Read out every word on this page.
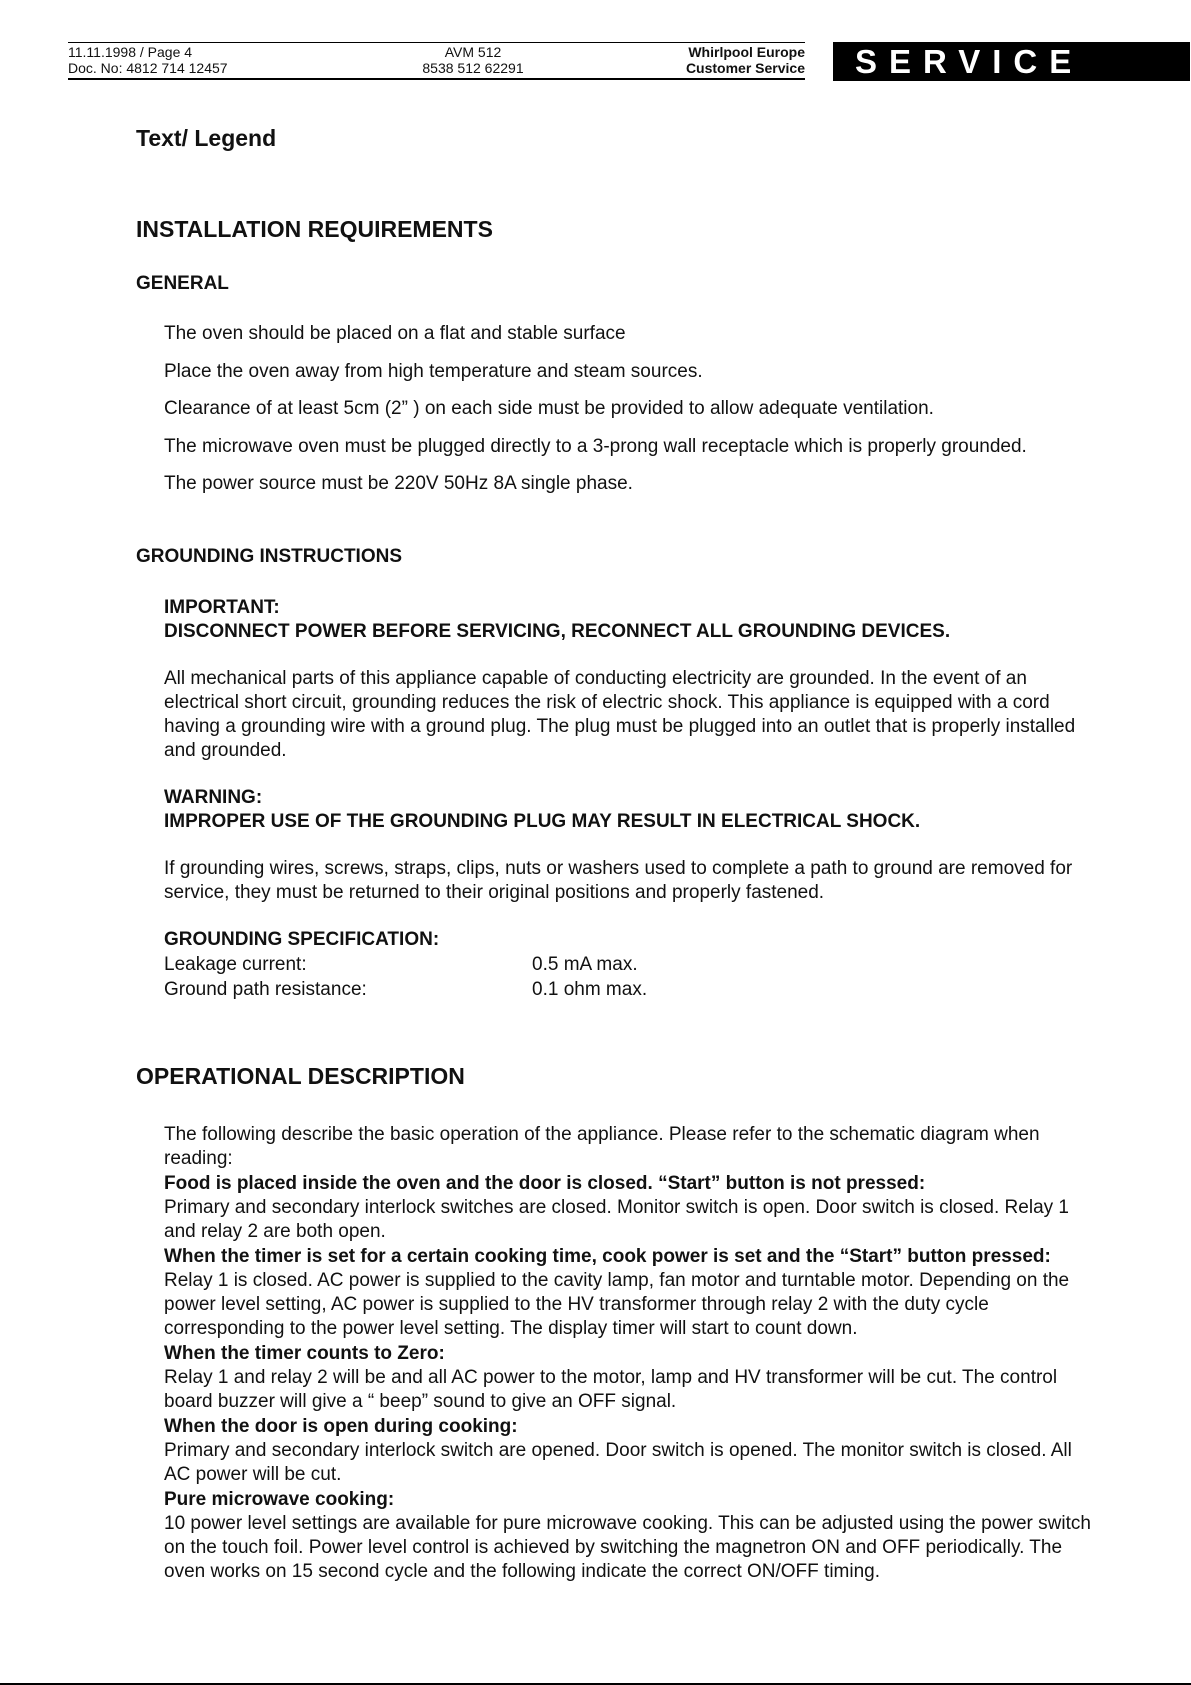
11.11.1998 / Page 4
Doc. No: 4812 714 12457
AVM 512
8538 512 62291
Whirlpool Europe
Customer Service	SERVICE
Text/ Legend
INSTALLATION REQUIREMENTS
GENERAL
The oven should be placed on a flat and stable surface
Place the oven away from high temperature and steam sources.
Clearance of at least 5cm (2” ) on each side must be provided to allow adequate ventilation.
The microwave oven must be plugged directly to a 3-prong wall receptacle which is properly grounded.
The power source must be 220V 50Hz 8A single phase.
GROUNDING INSTRUCTIONS
IMPORTANT:
DISCONNECT POWER BEFORE SERVICING, RECONNECT ALL GROUNDING DEVICES.
All mechanical parts of this appliance capable of conducting electricity are grounded. In the event of an
electrical short circuit, grounding reduces the risk of electric shock. This appliance is equipped with a cord
having a grounding wire with a ground plug. The plug must be plugged into an outlet that is properly installed
and grounded.
WARNING:
IMPROPER USE OF THE GROUNDING PLUG MAY RESULT IN ELECTRICAL SHOCK.
If grounding wires, screws, straps, clips, nuts or washers used to complete a path to ground are removed for
service, they must be returned to their original positions and properly fastened.
GROUNDING SPECIFICATION:
Leakage current:	0.5 mA max.
Ground path resistance:	0.1 ohm max.
OPERATIONAL DESCRIPTION
The following describe the basic operation of the appliance. Please refer to the schematic diagram when
reading:
Food is placed inside the oven and the door is closed. “Start” button is not pressed:
Primary and secondary interlock switches are closed. Monitor switch is open. Door switch is closed. Relay 1
and relay 2 are both open.
When the timer is set for a certain cooking time, cook power is set and the “Start” button pressed:
Relay 1 is closed. AC power is supplied to the cavity lamp, fan motor and turntable motor. Depending on the
power level setting, AC power is supplied to the HV transformer through relay 2 with the duty cycle
corresponding to the power level setting. The display timer will start to count down.
When the timer counts to Zero:
Relay 1 and relay 2 will be and all AC power to the motor, lamp and HV transformer will be cut. The control
board buzzer will give a “ beep” sound to give an OFF signal.
When the door is open during cooking:
Primary and secondary interlock switch are opened. Door switch is opened. The monitor switch is closed. All
AC power will be cut.
Pure microwave cooking:
10 power level settings are available for pure microwave cooking. This can be adjusted using the power switch
on the touch foil. Power level control is achieved by switching the magnetron ON and OFF periodically. The
oven works on 15 second cycle and the following indicate the correct ON/OFF timing.
